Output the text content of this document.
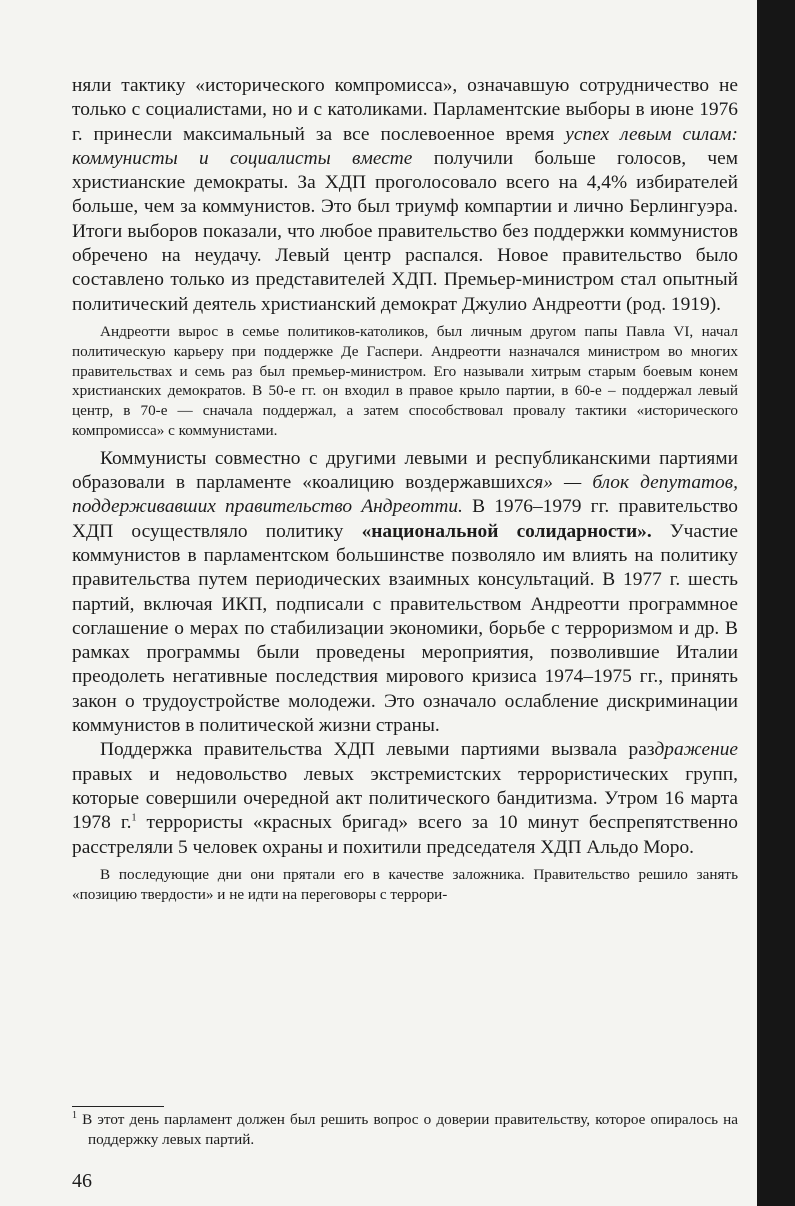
няли тактику «исторического компромисса», означавшую сотрудничество не только с социалистами, но и с католиками. Парламентские выборы в июне 1976 г. принесли максимальный за все послевоенное время успех левым силам: коммунисты и социалисты вместе получили больше голосов, чем христианские демократы. За ХДП проголосовало всего на 4,4% избирателей больше, чем за коммунистов. Это был триумф компартии и лично Берлингуэра. Итоги выборов показали, что любое правительство без поддержки коммунистов обречено на неудачу. Левый центр распался. Новое правительство было составлено только из представителей ХДП. Премьер-министром стал опытный политический деятель христианский демократ Джулио Андреотти (род. 1919).

Андреотти вырос в семье политиков-католиков, был личным другом папы Павла VI, начал политическую карьеру при поддержке Де Гаспери. Андреотти назначался министром во многих правительствах и семь раз был премьер-министром. Его называли хитрым старым боевым конем христианских демократов. В 50-е гг. он входил в правое крыло партии, в 60-е – поддержал левый центр, в 70-е — сначала поддержал, а затем способствовал провалу тактики «исторического компромисса» с коммунистами.

Коммунисты совместно с другими левыми и республиканскими партиями образовали в парламенте «коалицию воздержавшихся» — блок депутатов, поддерживавших правительство Андреотти. В 1976–1979 гг. правительство ХДП осуществляло политику «национальной солидарности». Участие коммунистов в парламентском большинстве позволяло им влиять на политику правительства путем периодических взаимных консультаций. В 1977 г. шесть партий, включая ИКП, подписали с правительством Андреотти программное соглашение о мерах по стабилизации экономики, борьбе с терроризмом и др. В рамках программы были проведены мероприятия, позволившие Италии преодолеть негативные последствия мирового кризиса 1974–1975 гг., принять закон о трудоустройстве молодежи. Это означало ослабление дискриминации коммунистов в политической жизни страны.

Поддержка правительства ХДП левыми партиями вызвала раздражение правых и недовольство левых экстремистских террористических групп, которые совершили очередной акт политического бандитизма. Утром 16 марта 1978 г.$^1$ террористы «красных бригад» всего за 10 минут беспрепятственно расстреляли 5 человек охраны и похитили председателя ХДП Альдо Моро.

В последующие дни они прятали его в качестве заложника. Правительство решило занять «позицию твердости» и не идти на переговоры с террори-

$^1$ В этот день парламент должен был решить вопрос о доверии правительству, которое опиралось на поддержку левых партий.

46
